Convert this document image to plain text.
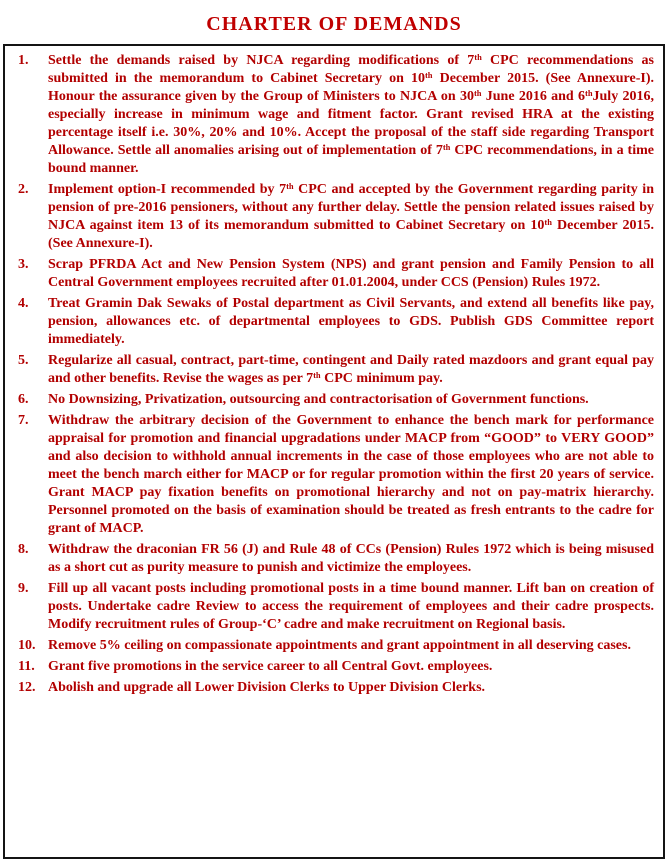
CHARTER OF DEMANDS
1.	Settle the demands raised by NJCA regarding modifications of 7ᵗʰ CPC recommendations as submitted in the memorandum to Cabinet Secretary on 10ᵗʰ December 2015. (See Annexure-I). Honour the assurance given by the Group of Ministers to NJCA on 30ᵗʰ June 2016 and 6ᵗʰJuly 2016, especially increase in minimum wage and fitment factor. Grant revised HRA at the existing percentage itself i.e. 30%, 20% and 10%. Accept the proposal of the staff side regarding Transport Allowance. Settle all anomalies arising out of implementation of 7ᵗʰ CPC recommendations, in a time bound manner.
2.	Implement option-I recommended by 7ᵗʰ CPC and accepted by the Government regarding parity in pension of pre-2016 pensioners, without any further delay. Settle the pension related issues raised by NJCA against item 13 of its memorandum submitted to Cabinet Secretary on 10ᵗʰ December 2015. (See Annexure-I).
3.	Scrap PFRDA Act and New Pension System (NPS) and grant pension and Family Pension to all Central Government employees recruited after 01.01.2004, under CCS (Pension) Rules 1972.
4.	Treat Gramin Dak Sewaks of Postal department as Civil Servants, and extend all benefits like pay, pension, allowances etc. of departmental employees to GDS. Publish GDS Committee report immediately.
5.	Regularize all casual, contract, part-time, contingent and Daily rated mazdoors and grant equal pay and other benefits. Revise the wages as per 7ᵗʰ CPC minimum pay.
6.	No Downsizing, Privatization, outsourcing and contractorisation of Government functions.
7.	Withdraw the arbitrary decision of the Government to enhance the bench mark for performance appraisal for promotion and financial upgradations under MACP from “GOOD” to VERY GOOD” and also decision to withhold annual increments in the case of those employees who are not able to meet the bench march either for MACP or for regular promotion within the first 20 years of service. Grant MACP pay fixation benefits on promotional hierarchy and not on pay-matrix hierarchy. Personnel promoted on the basis of examination should be treated as fresh entrants to the cadre for grant of MACP.
8.	Withdraw the draconian FR 56 (J) and Rule 48 of CCs (Pension) Rules 1972 which is being misused as a short cut as purity measure to punish and victimize the employees.
9.	Fill up all vacant posts including promotional posts in a time bound manner. Lift ban on creation of posts. Undertake cadre Review to access the requirement of employees and their cadre prospects. Modify recruitment rules of Group-‘C’ cadre and make recruitment on Regional basis.
10. Remove 5% ceiling on compassionate appointments and grant appointment in all deserving cases.
11. Grant five promotions in the service career to all Central Govt. employees.
12. Abolish and upgrade all Lower Division Clerks to Upper Division Clerks.
